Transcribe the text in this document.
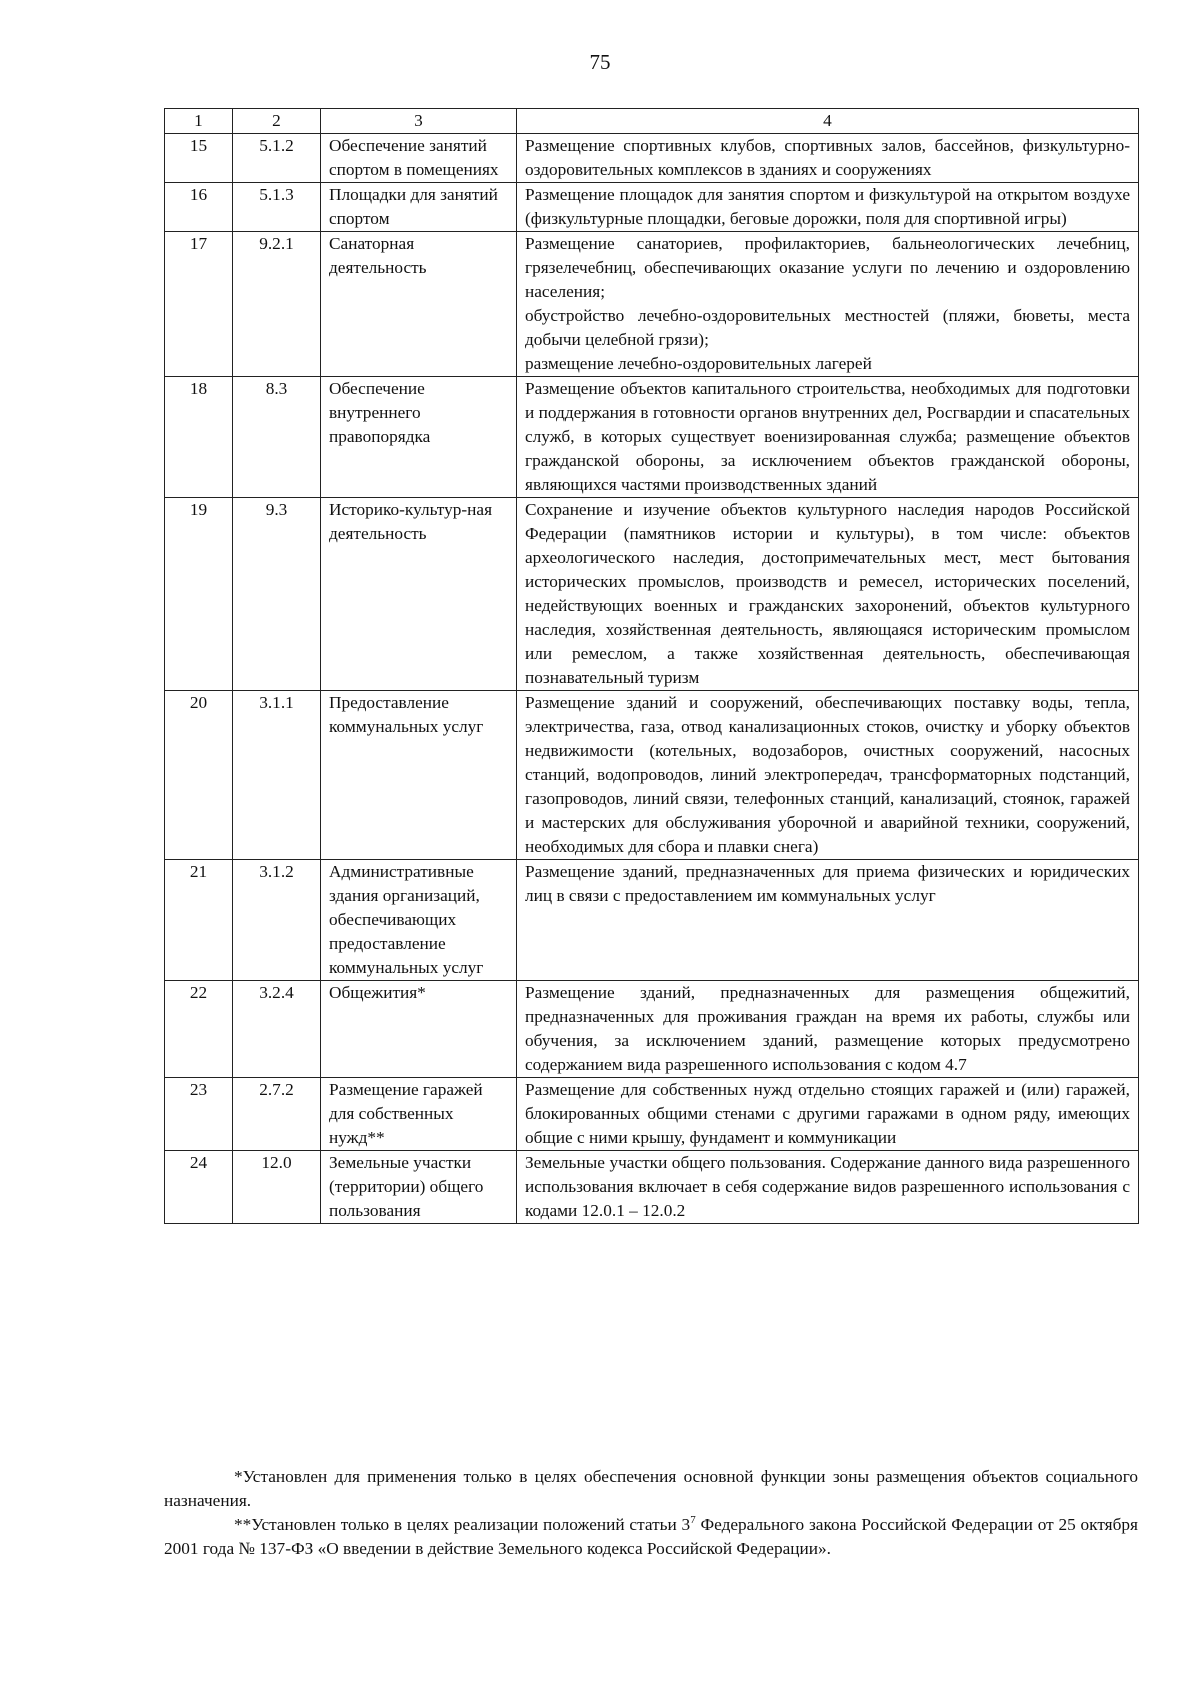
75
1	2	3	4
15	5.1.2	Обеспечение занятий спортом в помещениях	Размещение спортивных клубов, спортивных залов, бассейнов, физкультурно-оздоровительных комплексов в зданиях и сооружениях

16	5.1.3	Площадки для занятий спортом	Размещение площадок для занятия спортом и физкультурой на открытом воздухе (физкультурные площадки, беговые дорожки, поля для спортивной игры)

17	9.2.1	Санаторная деятельность	Размещение санаториев, профилакториев, бальнеологических лечебниц, грязелечебниц, обеспечивающих оказание услуги по лечению и оздоровлению населения;
обустройство лечебно-оздоровительных местностей (пляжи, бюветы, места добычи целебной грязи);
размещение лечебно-оздоровительных лагерей

18	8.3	Обеспечение внутреннего правопорядка	Размещение объектов капитального строительства, необходимых для подготовки и поддержания в готовности органов внутренних дел, Росгвардии и спасательных служб, в которых существует военизированная служба; размещение объектов гражданской обороны, за исключением объектов гражданской обороны, являющихся частями производственных зданий

19	9.3	Историко-культур-ная деятельность	Сохранение и изучение объектов культурного наследия народов Российской Федерации (памятников истории и культуры), в том числе: объектов археологического наследия, достопримечательных мест, мест бытования исторических промыслов, производств и ремесел, исторических поселений, недействующих военных и гражданских захоронений, объектов культурного наследия, хозяйственная деятельность, являющаяся историческим промыслом или ремеслом, а также хозяйственная деятельность, обеспечивающая познавательный туризм

20	3.1.1	Предоставление коммунальных услуг	Размещение зданий и сооружений, обеспечивающих поставку воды, тепла, электричества, газа, отвод канализационных стоков, очистку и уборку объектов недвижимости (котельных, водозаборов, очистных сооружений, насосных станций, водопроводов, линий электропередач, трансформаторных подстанций, газопроводов, линий связи, телефонных станций, канализаций, стоянок, гаражей и мастерских для обслуживания уборочной и аварийной техники, сооружений, необходимых для сбора и плавки снега)

21	3.1.2	Административные здания организаций, обеспечивающих предоставление коммунальных услуг	Размещение зданий, предназначенных для приема физических и юридических лиц в связи с предоставлением им коммунальных услуг

22	3.2.4	Общежития*	Размещение зданий, предназначенных для размещения общежитий, предназначенных для проживания граждан на время их работы, службы или обучения, за исключением зданий, размещение которых предусмотрено содержанием вида разрешенного использования с кодом 4.7

23	2.7.2	Размещение гаражей для собственных нужд**	Размещение для собственных нужд отдельно стоящих гаражей и (или) гаражей, блокированных общими стенами с другими гаражами в одном ряду, имеющих общие с ними крышу, фундамент и коммуникации

24	12.0	Земельные участки (территории) общего пользования	Земельные участки общего пользования. Содержание данного вида разрешенного использования включает в себя содержание видов разрешенного использования с кодами 12.0.1 – 12.0.2

*Установлен для применения только в целях обеспечения основной функции зоны размещения объектов социального назначения.

**Установлен только в целях реализации положений статьи $3^7$ Федерального закона Российской Федерации от 25 октября 2001 года № 137-ФЗ «О введении в действие Земельного кодекса Российской Федерации».
